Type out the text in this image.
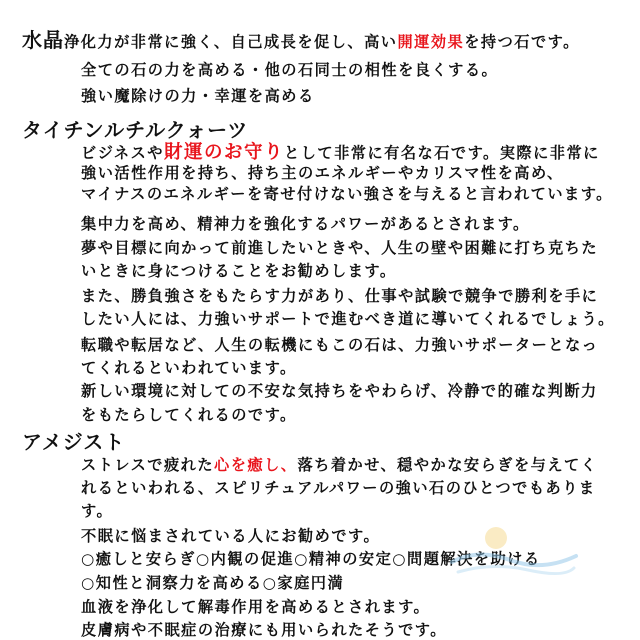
水晶浄化力が非常に強く、自己成長を促し、高い開運効果を持つ石です。
全ての石の力を高める・他の石同士の相性を良くする。
強い魔除けの力・幸運を高める
タイチンルチルクォーツ
ビジネスや財運のお守りとして非常に有名な石です。実際に非常に
強い活性作用を持ち、持ち主のエネルギーやカリスマ性を高め、
マイナスのエネルギーを寄せ付けない強さを与えると言われています。
集中力を高め、精神力を強化するパワーがあるとされます。
夢や目標に向かって前進したいときや、人生の壁や困難に打ち克ちた
いときに身につけることをお勧めします。
また、勝負強さをもたらす力があり、仕事や試験で競争で勝利を手に
したい人には、力強いサポートで進むべき道に導いてくれるでしょう。
転職や転居など、人生の転機にもこの石は、力強いサポーターとなっ
てくれるといわれています。
新しい環境に対しての不安な気持ちをやわらげ、冷静で的確な判断力
をもたらしてくれるのです。
アメジスト
ストレスで疲れた心を癒し、落ち着かせ、穏やかな安らぎを与えてく
れるといわれる、スピリチュアルパワーの強い石のひとつでもありま
す。
不眠に悩まされている人にお勧めです。
○癒しと安らぎ○内観の促進○精神の安定○問題解決を助ける
○知性と洞察力を高める○家庭円満
血液を浄化して解毒作用を高めるとされます。
皮膚病や不眠症の治療にも用いられたそうです。
